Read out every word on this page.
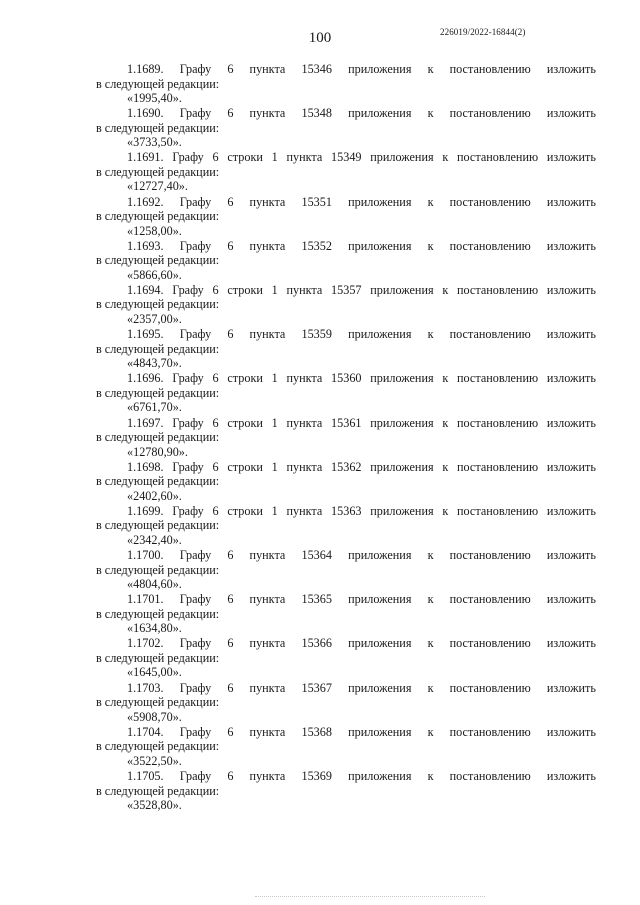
100	226019/2022-16844(2)
1.1689. Графу 6 пункта 15346 приложения к постановлению изложить
в следующей редакции:
«1995,40».
1.1690. Графу 6 пункта 15348 приложения к постановлению изложить
в следующей редакции:
«3733,50».
1.1691. Графу 6 строки 1 пункта 15349 приложения к постановлению изложить
в следующей редакции:
«12727,40».
1.1692. Графу 6 пункта 15351 приложения к постановлению изложить
в следующей редакции:
«1258,00».
1.1693. Графу 6 пункта 15352 приложения к постановлению изложить
в следующей редакции:
«5866,60».
1.1694. Графу 6 строки 1 пункта 15357 приложения к постановлению изложить
в следующей редакции:
«2357,00».
1.1695. Графу 6 пункта 15359 приложения к постановлению изложить
в следующей редакции:
«4843,70».
1.1696. Графу 6 строки 1 пункта 15360 приложения к постановлению изложить
в следующей редакции:
«6761,70».
1.1697. Графу 6 строки 1 пункта 15361 приложения к постановлению изложить
в следующей редакции:
«12780,90».
1.1698. Графу 6 строки 1 пункта 15362 приложения к постановлению изложить
в следующей редакции:
«2402,60».
1.1699. Графу 6 строки 1 пункта 15363 приложения к постановлению изложить
в следующей редакции:
«2342,40».
1.1700. Графу 6 пункта 15364 приложения к постановлению изложить
в следующей редакции:
«4804,60».
1.1701. Графу 6 пункта 15365 приложения к постановлению изложить
в следующей редакции:
«1634,80».
1.1702. Графу 6 пункта 15366 приложения к постановлению изложить
в следующей редакции:
«1645,00».
1.1703. Графу 6 пункта 15367 приложения к постановлению изложить
в следующей редакции:
«5908,70».
1.1704. Графу 6 пункта 15368 приложения к постановлению изложить
в следующей редакции:
«3522,50».
1.1705. Графу 6 пункта 15369 приложения к постановлению изложить
в следующей редакции:
«3528,80».
